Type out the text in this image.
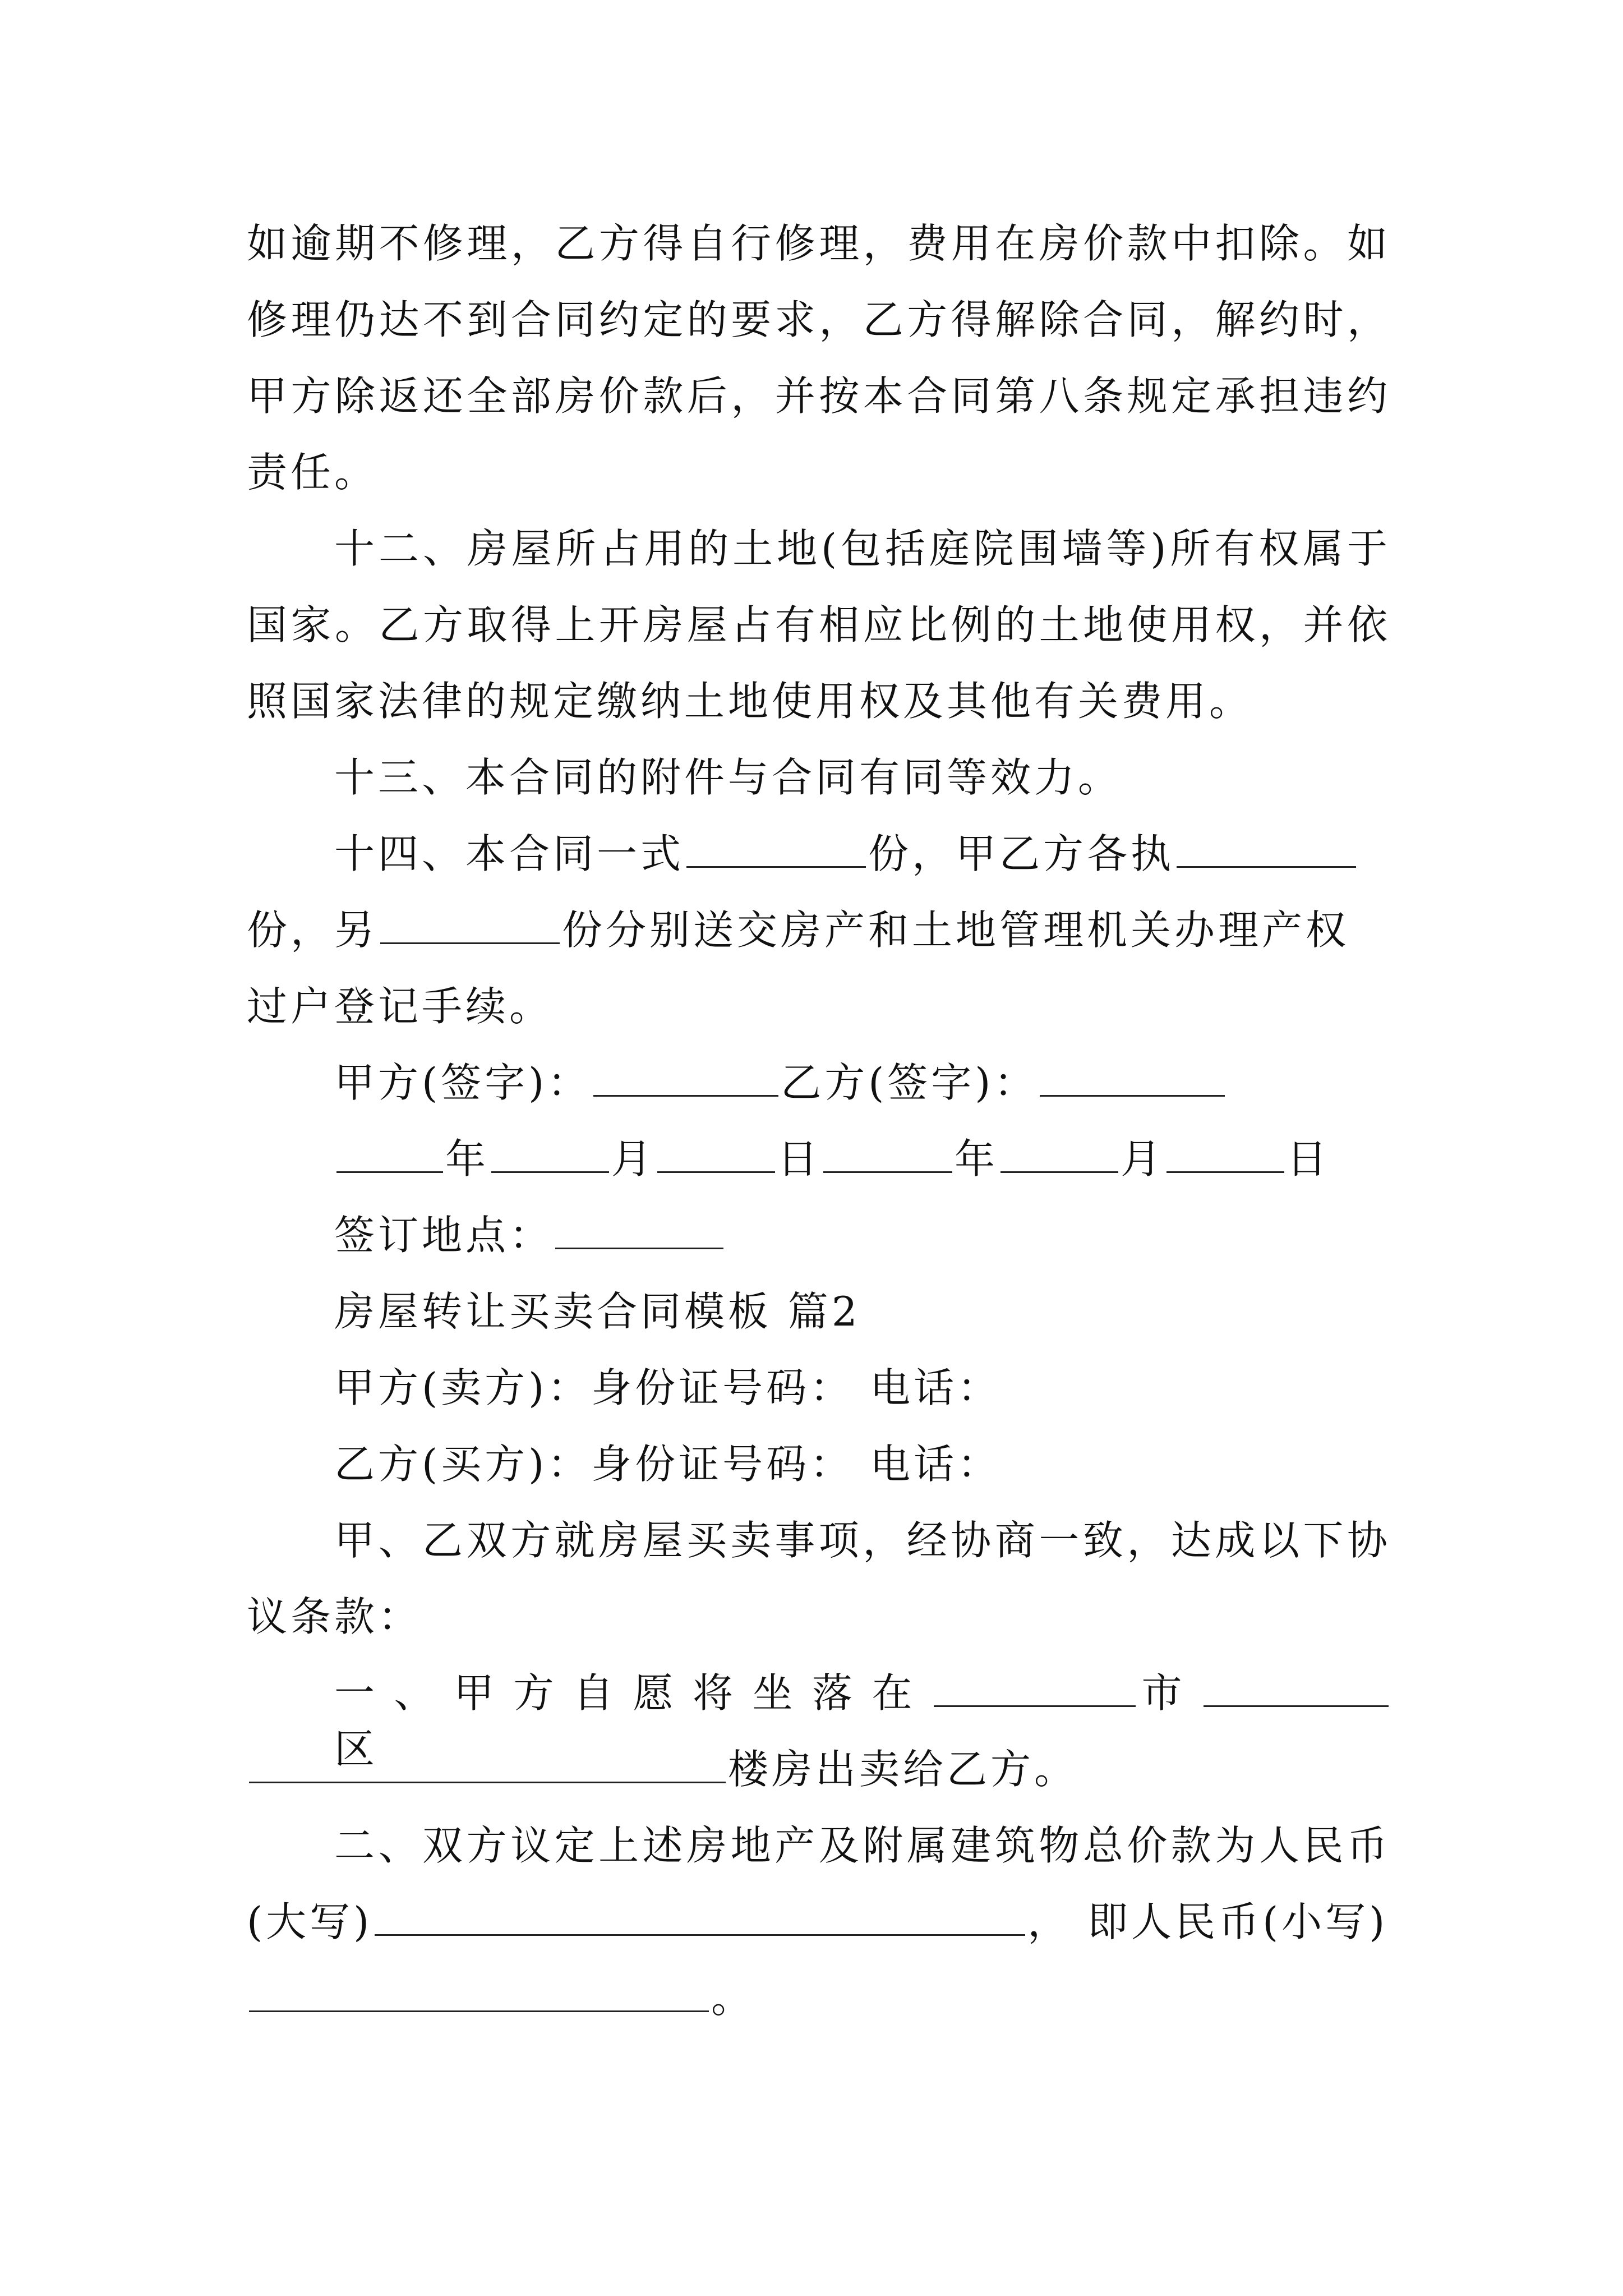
如逾期不修理，乙方得自行修理，费用在房价款中扣除。如
修理仍达不到合同约定的要求，乙方得解除合同，解约时，
甲方除返还全部房价款后，并按本合同第八条规定承担违约
责任。
十二、房屋所占用的土地(包括庭院围墙等)所有权属于
国家。乙方取得上开房屋占有相应比例的土地使用权，并依
照国家法律的规定缴纳土地使用权及其他有关费用。
十三、本合同的附件与合同有同等效力。
十四、本合同一式	份，甲乙方各执
份，另	份分别送交房产和土地管理机关办理产权
过户登记手续。
甲方(签字)：	乙方(签字)：
年	月	日	年	月	日
签订地点：
房屋转让买卖合同模板 篇2
甲方(卖方)：身份证号码： 电话：
乙方(买方)：身份证号码： 电话：
甲、乙双方就房屋买卖事项，经协商一致，达成以下协
议条款：
一、甲方自愿将坐落在	市区	楼房出卖给乙方。
二、双方议定上述房地产及附属建筑物总价款为人民币
(大写)	， 即人民币(小写)
。
